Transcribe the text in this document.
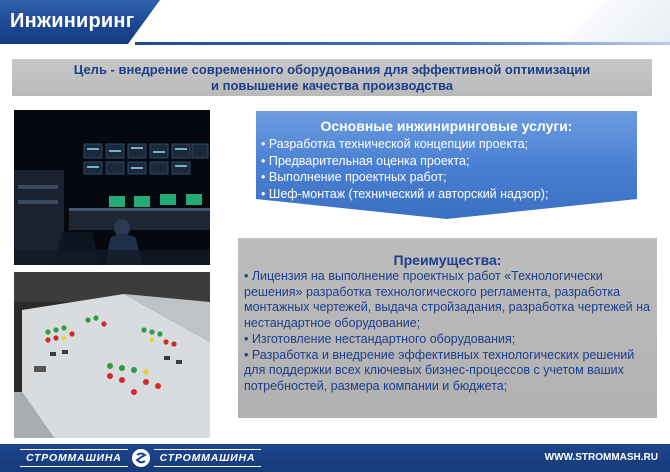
Инжиниринг
Цель - внедрение современного оборудования для эффективной оптимизации
и повышение качества производства
Основные инжиниринговые услуги:
• Разработка технической концепции проекта;
• Предварительная оценка проекта;
• Выполнение проектных работ;
• Шеф-монтаж (технический и авторский надзор);
Преимущества:

• Лицензия на выполнение проектных работ «Технологически решения» разработка технологического регламента, разработка монтажных чертежей, выдача стройзадания, разработка чертежей на нестандартное оборудование;

• Изготовление нестандартного оборудования;

• Разработка и внедрение эффективных технологических решений для поддержки всех ключевых бизнес-процессов с учетом ваших потребностей, размера компании и бюджета;

СТРОММАШИНА	СТРОММАШИНА	WWW.STROMMASH.RU
